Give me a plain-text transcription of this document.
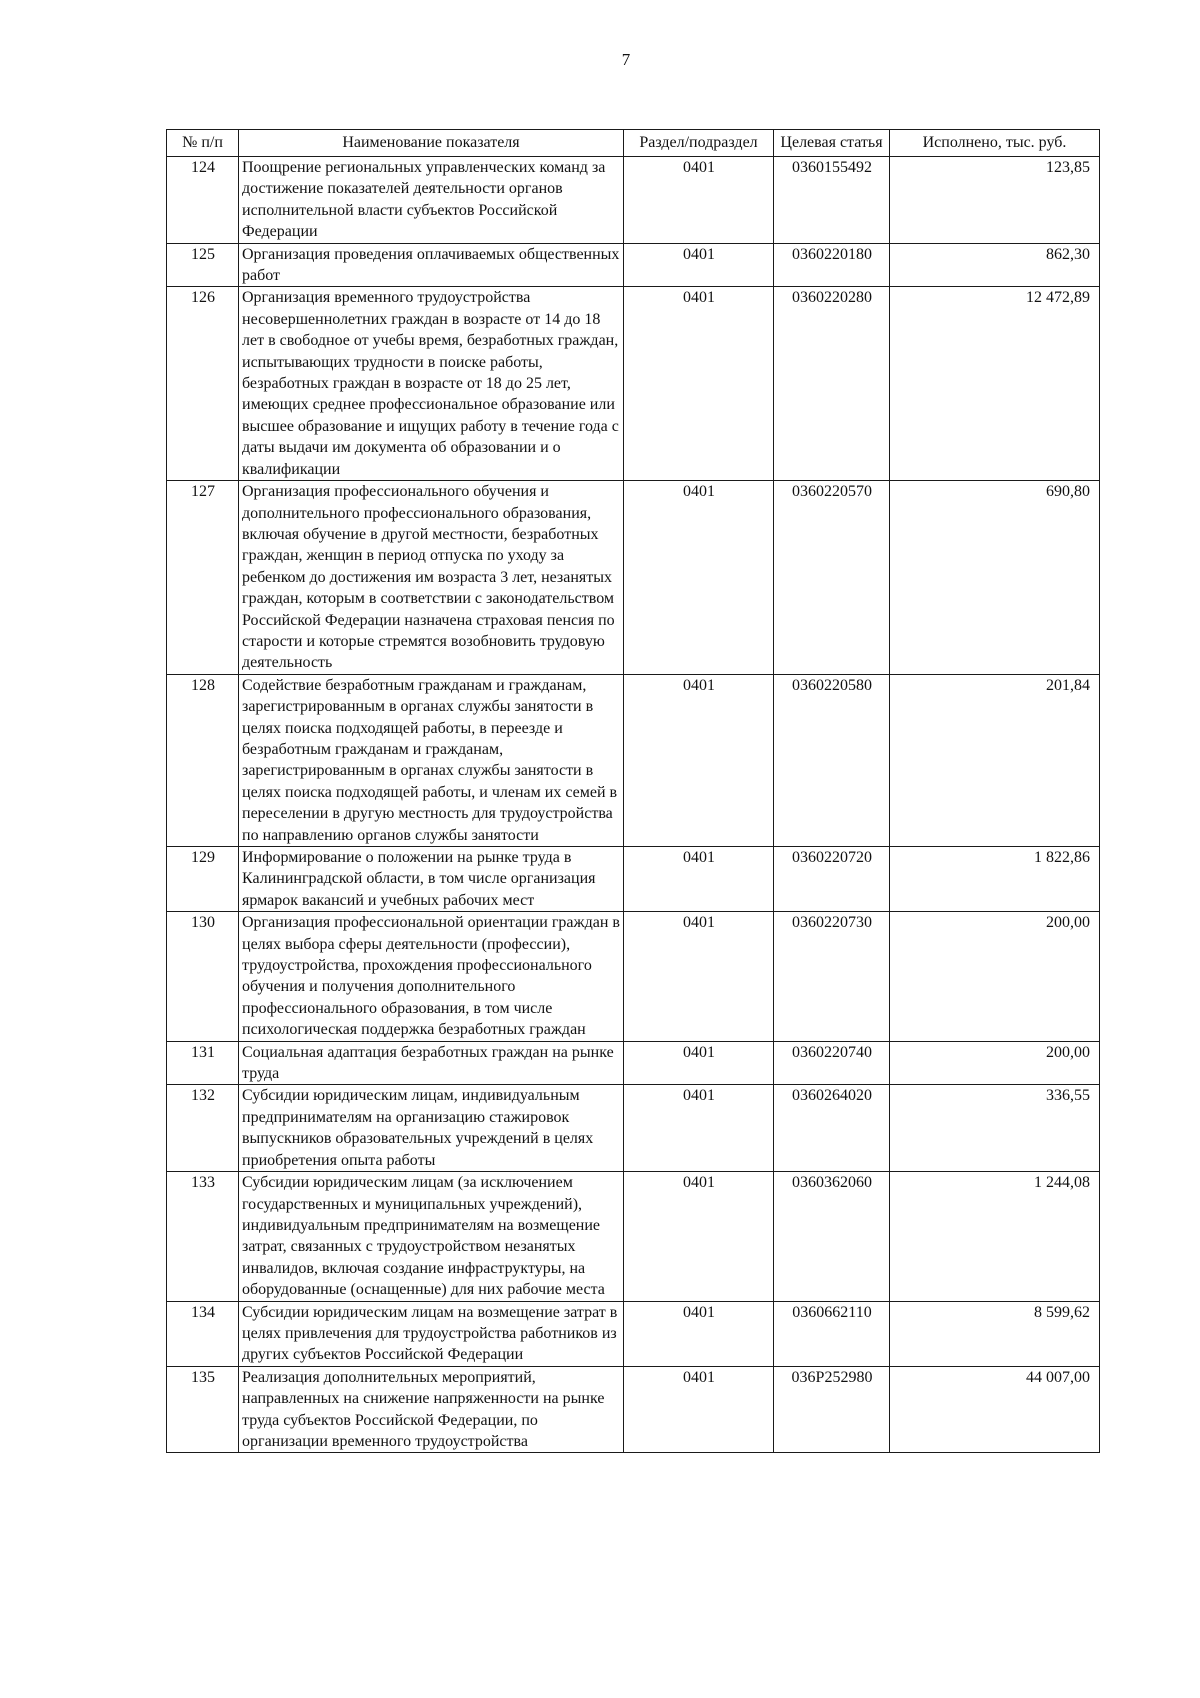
7
№ п/п	Наименование показателя	Раздел/подраздел	Целевая статья	Исполнено, тыс. руб.
124	Поощрение региональных управленческих команд за достижение показателей деятельности органов исполнительной власти субъектов Российской Федерации	0401	0360155492	123,85
125	Организация проведения оплачиваемых общественных работ	0401	0360220180	862,30
126	Организация временного трудоустройства несовершеннолетних граждан в возрасте от 14 до 18 лет в свободное от учебы время, безработных граждан, испытывающих трудности в поиске работы, безработных граждан в возрасте от 18 до 25 лет, имеющих среднее профессиональное образование или высшее образование и ищущих работу в течение года с даты выдачи им документа об образовании и о квалификации	0401	0360220280	12 472,89
127	Организация профессионального обучения и дополнительного профессионального образования, включая обучение в другой местности, безработных граждан, женщин в период отпуска по уходу за ребенком до достижения им возраста 3 лет, незанятых граждан, которым в соответствии с законодательством Российской Федерации назначена страховая пенсия по старости и которые стремятся возобновить трудовую деятельность	0401	0360220570	690,80
128	Содействие безработным гражданам и гражданам, зарегистрированным в органах службы занятости в целях поиска подходящей работы, в переезде и безработным гражданам и гражданам, зарегистрированным в органах службы занятости в целях поиска подходящей работы, и членам их семей в переселении в другую местность для трудоустройства по направлению органов службы занятости	0401	0360220580	201,84
129	Информирование о положении на рынке труда в Калининградской области, в том числе организация ярмарок вакансий и учебных рабочих мест	0401	0360220720	1 822,86
130	Организация профессиональной ориентации граждан в целях выбора сферы деятельности (профессии), трудоустройства, прохождения профессионального обучения и получения дополнительного профессионального образования, в том числе психологическая поддержка безработных граждан	0401	0360220730	200,00
131	Социальная адаптация безработных граждан на рынке труда	0401	0360220740	200,00
132	Субсидии юридическим лицам, индивидуальным предпринимателям на организацию стажировок выпускников образовательных учреждений в целях приобретения опыта работы	0401	0360264020	336,55
133	Субсидии юридическим лицам (за исключением государственных и муниципальных учреждений), индивидуальным предпринимателям на возмещение затрат, связанных с трудоустройством незанятых инвалидов, включая создание инфраструктуры, на оборудованные (оснащенные) для них рабочие места	0401	0360362060	1 244,08
134	Субсидии юридическим лицам на возмещение затрат в целях привлечения для трудоустройства работников из других субъектов Российской Федерации	0401	0360662110	8 599,62
135	Реализация дополнительных мероприятий, направленных на снижение напряженности на рынке труда субъектов Российской Федерации, по организации временного трудоустройства	0401	036Р252980	44 007,00
